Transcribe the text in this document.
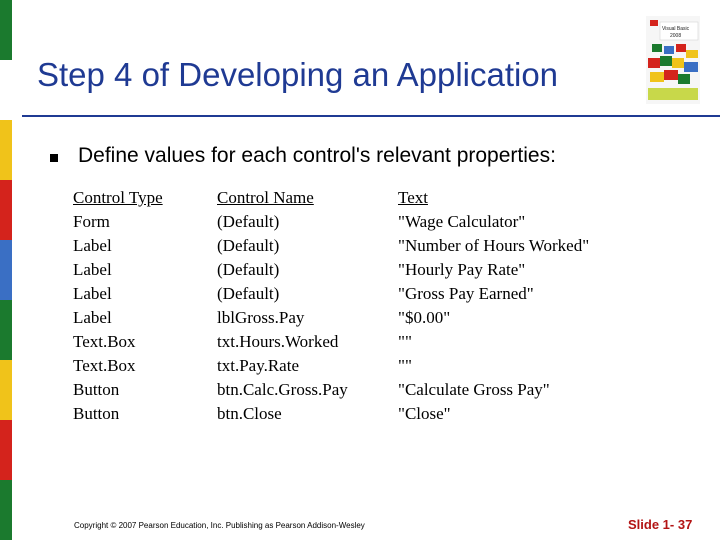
Visual Basic
2008
Step 4 of Developing an Application
Define values for each control's relevant properties:
Control Type
Form
Label
Label
Label
Label
Text.Box
Text.Box
Button
Button
Control Name
(Default)
(Default)
(Default)
(Default)
lblGross.Pay
txt.Hours.Worked
txt.Pay.Rate
btn.Calc.Gross.Pay
btn.Close
Text
"Wage Calculator"
"Number of Hours Worked"
"Hourly Pay Rate"
"Gross Pay Earned"
"$0.00"
""
""
"Calculate Gross Pay"
"Close"
Copyright © 2007 Pearson Education, Inc. Publishing as Pearson Addison-Wesley	Slide 1- 37
